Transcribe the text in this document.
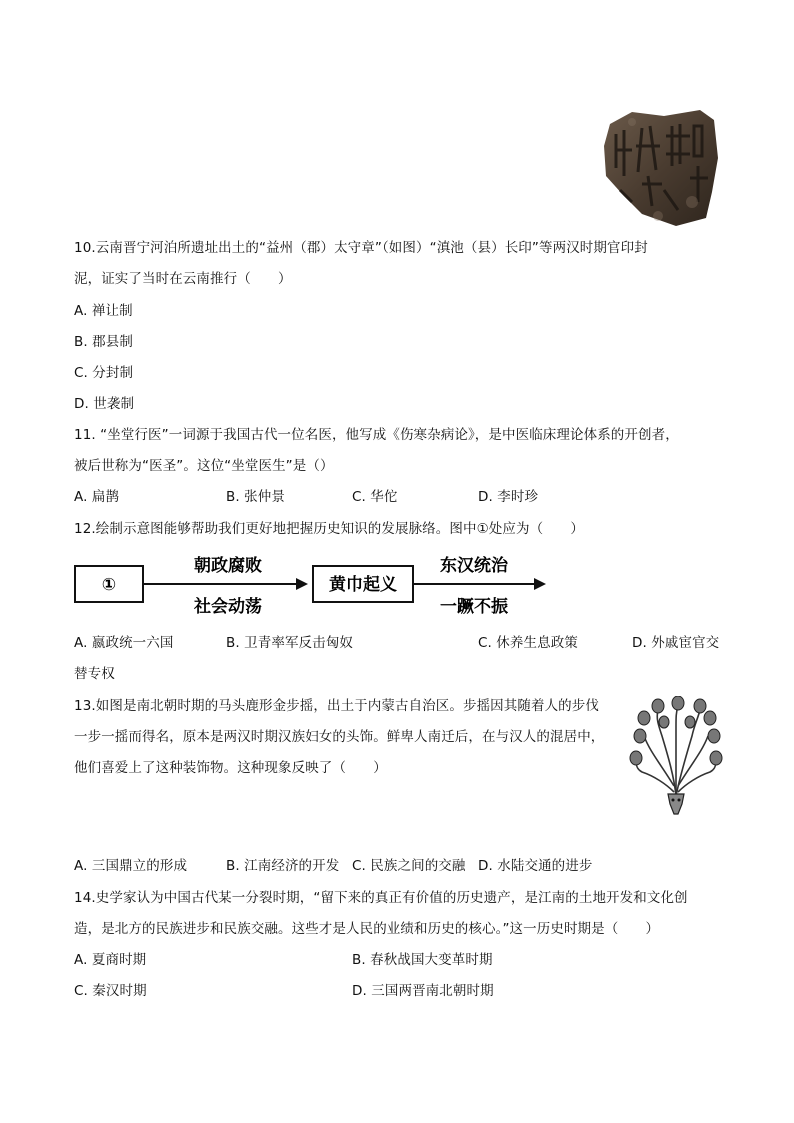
10.云南晋宁河泊所遗址出土的“益州（郡）太守章”（如图）“滇池（县）长印”等两汉时期官印封
泥，证实了当时在云南推行（　　）
A. 禅让制
B. 郡县制
C. 分封制
D. 世袭制
11. “坐堂行医”一词源于我国古代一位名医，他写成《伤寒杂病论》，是中医临床理论体系的开创者，
被后世称为“医圣”。这位“坐堂医生”是（）
A. 扁鹊	B. 张仲景	C. 华佗	D. 李时珍
12.绘制示意图能够帮助我们更好地把握历史知识的发展脉络。图中①处应为（　　）
①
朝政腐败
社会动荡
黄巾起义
东汉统治
一蹶不振
A. 嬴政统一六国	B. 卫青率军反击匈奴	C. 休养生息政策	D. 外戚宦官交
替专权
13.如图是南北朝时期的马头鹿形金步摇，出土于内蒙古自治区。步摇因其随着人的步伐
一步一摇而得名，原本是两汉时期汉族妇女的头饰。鲜卑人南迁后，在与汉人的混居中，
他们喜爱上了这种装饰物。这种现象反映了（　　）
A. 三国鼎立的形成	B. 江南经济的开发 C. 民族之间的交融 D. 水陆交通的进步
14.史学家认为中国古代某一分裂时期，“留下来的真正有价值的历史遗产，是江南的土地开发和文化创
造，是北方的民族进步和民族交融。这些才是人民的业绩和历史的核心。”这一历史时期是（　　）
A. 夏商时期	B. 春秋战国大变革时期
C. 秦汉时期	D. 三国两晋南北朝时期
